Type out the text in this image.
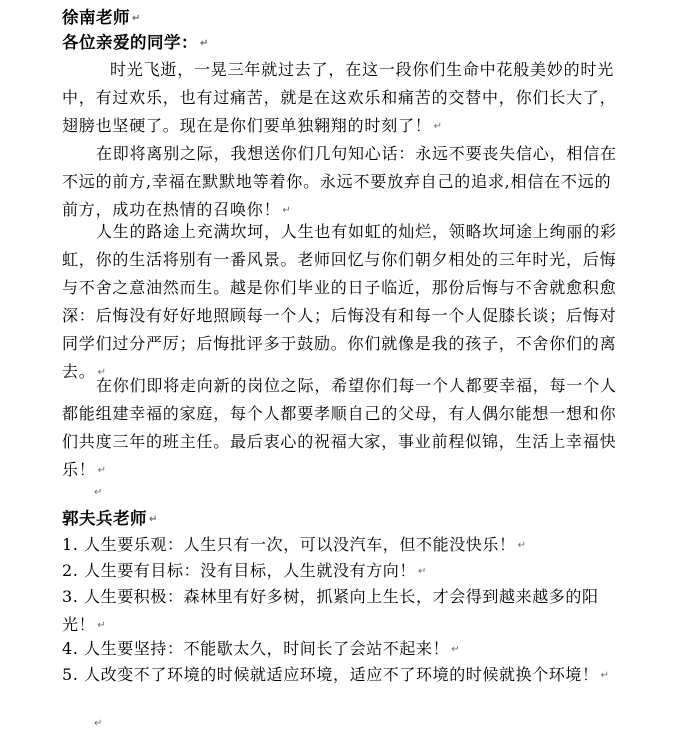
徐南老师 ↵
各位亲爱的同学： ↵
时光飞逝，一晃三年就过去了，在这一段你们生命中花般美妙的时光中，有过欢乐，也有过痛苦，就是在这欢乐和痛苦的交替中，你们长大了，翅膀也坚硬了。现在是你们要单独翱翔的时刻了！ ↵
在即将离别之际，我想送你们几句知心话：永远不要丧失信心，相信在不远的前方,幸福在默默地等着你。永远不要放弃自己的追求,相信在不远的前方，成功在热情的召唤你！ ↵
人生的路途上充满坎坷，人生也有如虹的灿烂，领略坎坷途上绚丽的彩虹，你的生活将别有一番风景。老师回忆与你们朝夕相处的三年时光，后悔与不舍之意油然而生。越是你们毕业的日子临近，那份后悔与不舍就愈积愈深：后悔没有好好地照顾每一个人；后悔没有和每一个人促膝长谈；后悔对同学们过分严厉；后悔批评多于鼓励。你们就像是我的孩子，不舍你们的离去。 ↵
在你们即将走向新的岗位之际，希望你们每一个人都要幸福，每一个人都能组建幸福的家庭，每个人都要孝顺自己的父母，有人偶尔能想一想和你们共度三年的班主任。最后衷心的祝福大家，事业前程似锦，生活上幸福快乐！ ↵
↵
郭夫兵老师 ↵
1. 人生要乐观：人生只有一次，可以没汽车，但不能没快乐！ ↵
2. 人生要有目标：没有目标，人生就没有方向！ ↵
3. 人生要积极：森林里有好多树，抓紧向上生长，才会得到越来越多的阳光！ ↵
4. 人生要坚持：不能歇太久，时间长了会站不起来！ ↵
5. 人改变不了环境的时候就适应环境，适应不了环境的时候就换个环境！ ↵
↵
